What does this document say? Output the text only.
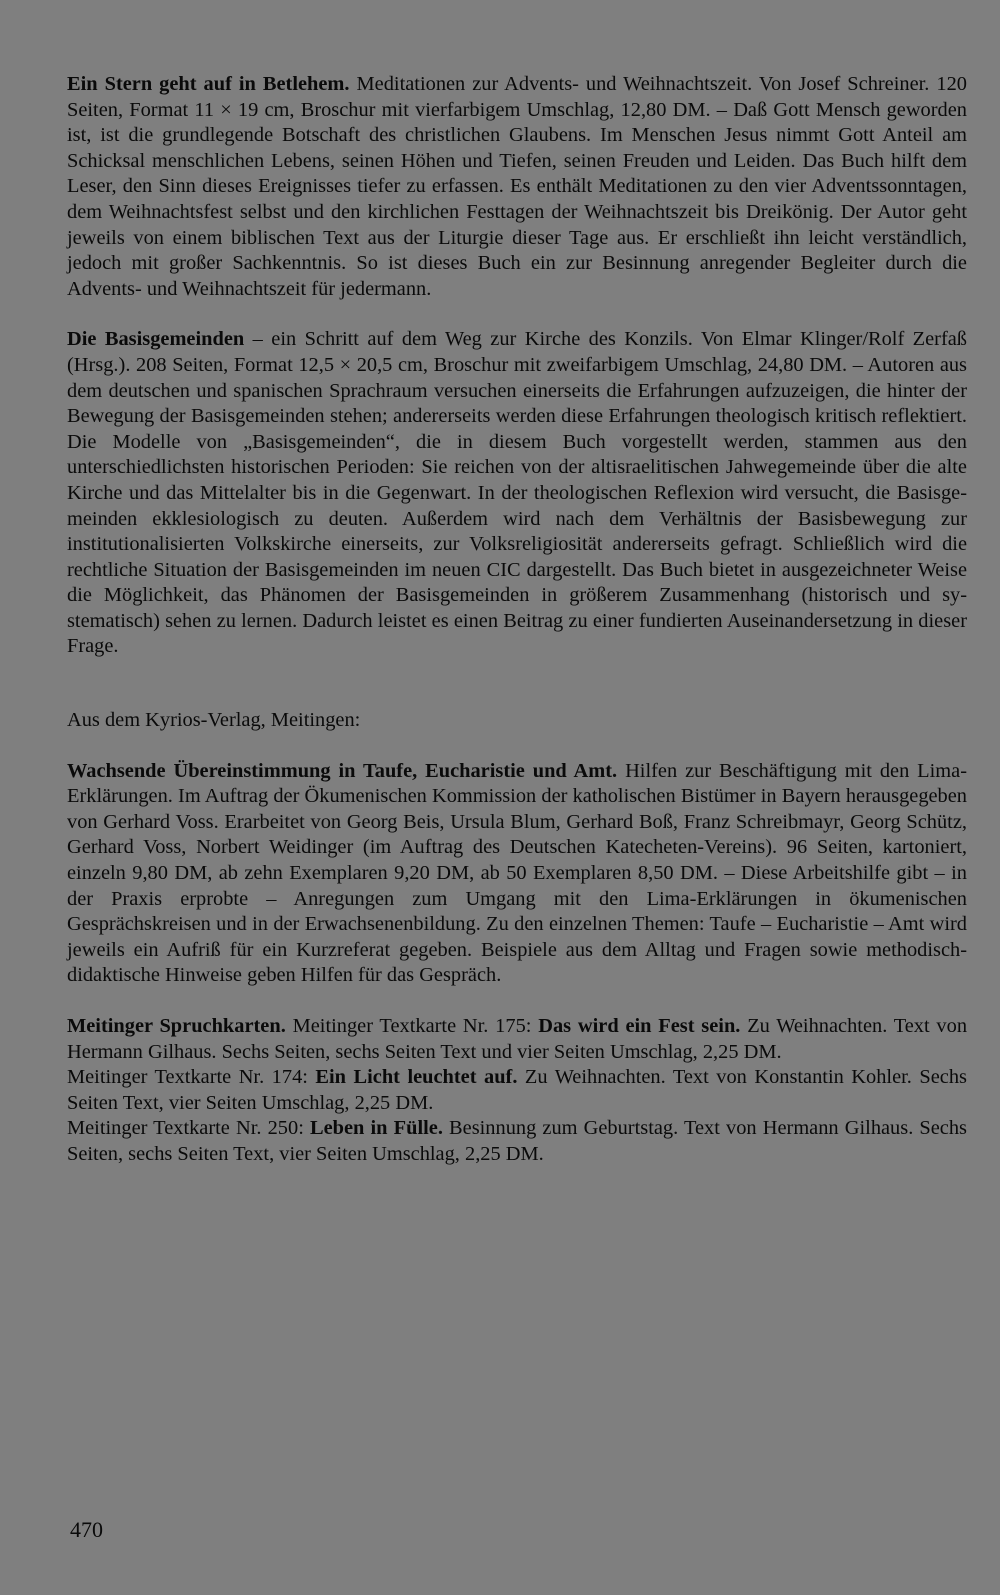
Ein Stern geht auf in Betlehem. Meditationen zur Advents- und Weihnachtszeit. Von Josef Schreiner. 120 Seiten, Format 11 × 19 cm, Broschur mit vierfarbigem Umschlag, 12,80 DM. – Daß Gott Mensch geworden ist, ist die grundlegende Botschaft des christlichen Glaubens. Im Menschen Jesus nimmt Gott Anteil am Schicksal menschlichen Lebens, seinen Höhen und Tiefen, seinen Freuden und Leiden. Das Buch hilft dem Leser, den Sinn dieses Ereignisses tiefer zu erfassen. Es enthält Meditationen zu den vier Adventssonntagen, dem Weihnachtsfest selbst und den kirchlichen Festtagen der Weihnachtszeit bis Dreikönig. Der Autor geht jeweils von einem biblischen Text aus der Liturgie dieser Tage aus. Er erschließt ihn leicht verständlich, jedoch mit großer Sachkenntnis. So ist dieses Buch ein zur Besinnung anregender Begleiter durch die Advents- und Weihnachtszeit für jedermann.

Die Basisgemeinden – ein Schritt auf dem Weg zur Kirche des Konzils. Von Elmar Klinger/Rolf Zerfaß (Hrsg.). 208 Seiten, Format 12,5 × 20,5 cm, Broschur mit zweifarbigem Umschlag, 24,80 DM. – Autoren aus dem deutschen und spanischen Sprachraum versuchen einerseits die Erfahrungen aufzuzeigen, die hinter der Bewegung der Basisgemeinden stehen; andererseits werden diese Erfahrungen theologisch kritisch reflektiert. Die Modelle von „Basisgemeinden“, die in diesem Buch vorgestellt werden, stammen aus den unterschiedlichsten historischen Perioden: Sie reichen von der altisraelitischen Jahwegemeinde über die alte Kirche und das Mittelalter bis in die Gegenwart. In der theologischen Reflexion wird versucht, die Basisgemeinden ekklesiologisch zu deuten. Außerdem wird nach dem Verhältnis der Basisbewegung zur institutionalisierten Volkskirche einerseits, zur Volksreligiosität andererseits gefragt. Schließlich wird die rechtliche Situation der Basisgemeinden im neuen CIC dargestellt. Das Buch bietet in ausgezeichneter Weise die Möglichkeit, das Phänomen der Basisgemeinden in größerem Zusammenhang (historisch und systematisch) sehen zu lernen. Dadurch leistet es einen Beitrag zu einer fundierten Auseinandersetzung in dieser Frage.

Aus dem Kyrios-Verlag, Meitingen:

Wachsende Übereinstimmung in Taufe, Eucharistie und Amt. Hilfen zur Beschäftigung mit den Lima-Erklärungen. Im Auftrag der Ökumenischen Kommission der katholischen Bistümer in Bayern herausgegeben von Gerhard Voss. Erarbeitet von Georg Beis, Ursula Blum, Gerhard Boß, Franz Schreibmayr, Georg Schütz, Gerhard Voss, Norbert Weidinger (im Auftrag des Deutschen Katecheten-Vereins). 96 Seiten, kartoniert, einzeln 9,80 DM, ab zehn Exemplaren 9,20 DM, ab 50 Exemplaren 8,50 DM. – Diese Arbeitshilfe gibt – in der Praxis erprobte – Anregungen zum Umgang mit den Lima-Erklärungen in ökumenischen Gesprächskreisen und in der Erwachsenenbildung. Zu den einzelnen Themen: Taufe – Eucharistie – Amt wird jeweils ein Aufriß für ein Kurzreferat gegeben. Beispiele aus dem Alltag und Fragen sowie methodisch-didaktische Hinweise geben Hilfen für das Gespräch.

Meitinger Spruchkarten. Meitinger Textkarte Nr. 175: Das wird ein Fest sein. Zu Weihnachten. Text von Hermann Gilhaus. Sechs Seiten, sechs Seiten Text und vier Seiten Umschlag, 2,25 DM.

Meitinger Textkarte Nr. 174: Ein Licht leuchtet auf. Zu Weihnachten. Text von Konstantin Kohler. Sechs Seiten Text, vier Seiten Umschlag, 2,25 DM.

Meitinger Textkarte Nr. 250: Leben in Fülle. Besinnung zum Geburtstag. Text von Hermann Gilhaus. Sechs Seiten, sechs Seiten Text, vier Seiten Umschlag, 2,25 DM.

470
